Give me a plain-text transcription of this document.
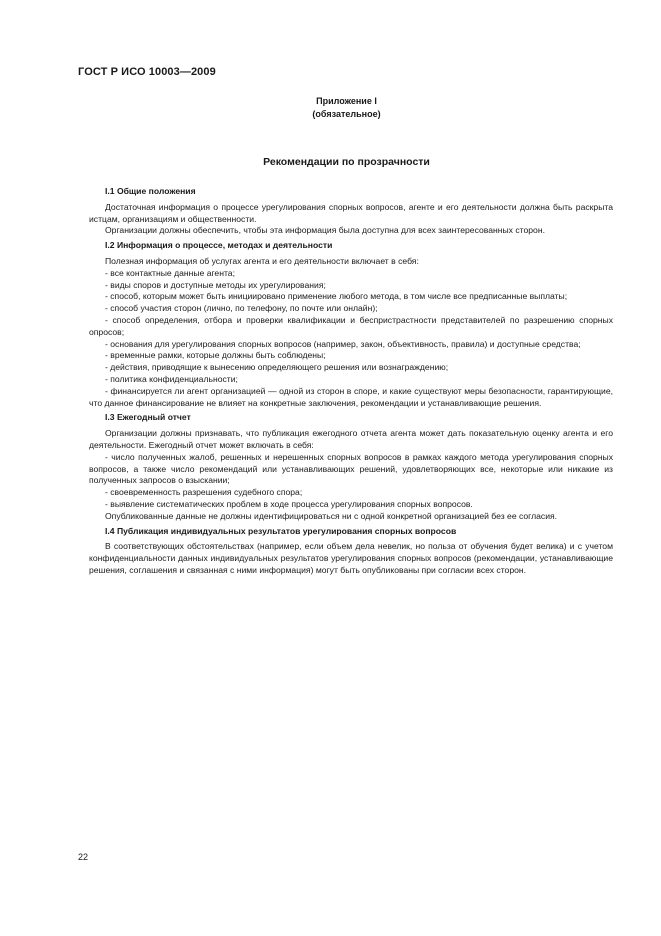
ГОСТ Р ИСО 10003—2009
Приложение I
(обязательное)
Рекомендации по прозрачности
I.1 Общие положения

Достаточная информация о процессе урегулирования спорных вопросов, агенте и его деятельности должна быть раскрыта истцам, организациям и общественности.

Организации должны обеспечить, чтобы эта информация была доступна для всех заинтересованных сторон.

I.2 Информация о процессе, методах и деятельности

Полезная информация об услугах агента и его деятельности включает в себя:

- все контактные данные агента;

- виды споров и доступные методы их урегулирования;

- способ, которым может быть инициировано применение любого метода, в том числе все предписанные выплаты;

- способ участия сторон (лично, по телефону, по почте или онлайн);

- способ определения, отбора и проверки квалификации и беспристрастности представителей по разрешению спорных опросов;

- основания для урегулирования спорных вопросов (например, закон, объективность, правила) и доступные средства;

- временные рамки, которые должны быть соблюдены;

- действия, приводящие к вынесению определяющего решения или вознаграждению;

- политика конфиденциальности;

- финансируется ли агент организацией — одной из сторон в споре, и какие существуют меры безопасности, гарантирующие, что данное финансирование не влияет на конкретные заключения, рекомендации и устанавливающие решения.

I.3 Ежегодный отчет

Организации должны признавать, что публикация ежегодного отчета агента может дать показательную оценку агента и его деятельности. Ежегодный отчет может включать в себя:

- число полученных жалоб, решенных и нерешенных спорных вопросов в рамках каждого метода урегулирования спорных вопросов, а также число рекомендаций или устанавливающих решений, удовлетворяющих все, некоторые или никакие из полученных запросов о взыскании;

- своевременность разрешения судебного спора;

- выявление систематических проблем в ходе процесса урегулирования спорных вопросов.

Опубликованные данные не должны идентифицироваться ни с одной конкретной организацией без ее согласия.

I.4 Публикация индивидуальных результатов урегулирования спорных вопросов

В соответствующих обстоятельствах (например, если объем дела невелик, но польза от обучения будет велика) и с учетом конфиденциальности данных индивидуальных результатов урегулирования спорных вопросов (рекомендации, устанавливающие решения, соглашения и связанная с ними информация) могут быть опубликованы при согласии всех сторон.

22
